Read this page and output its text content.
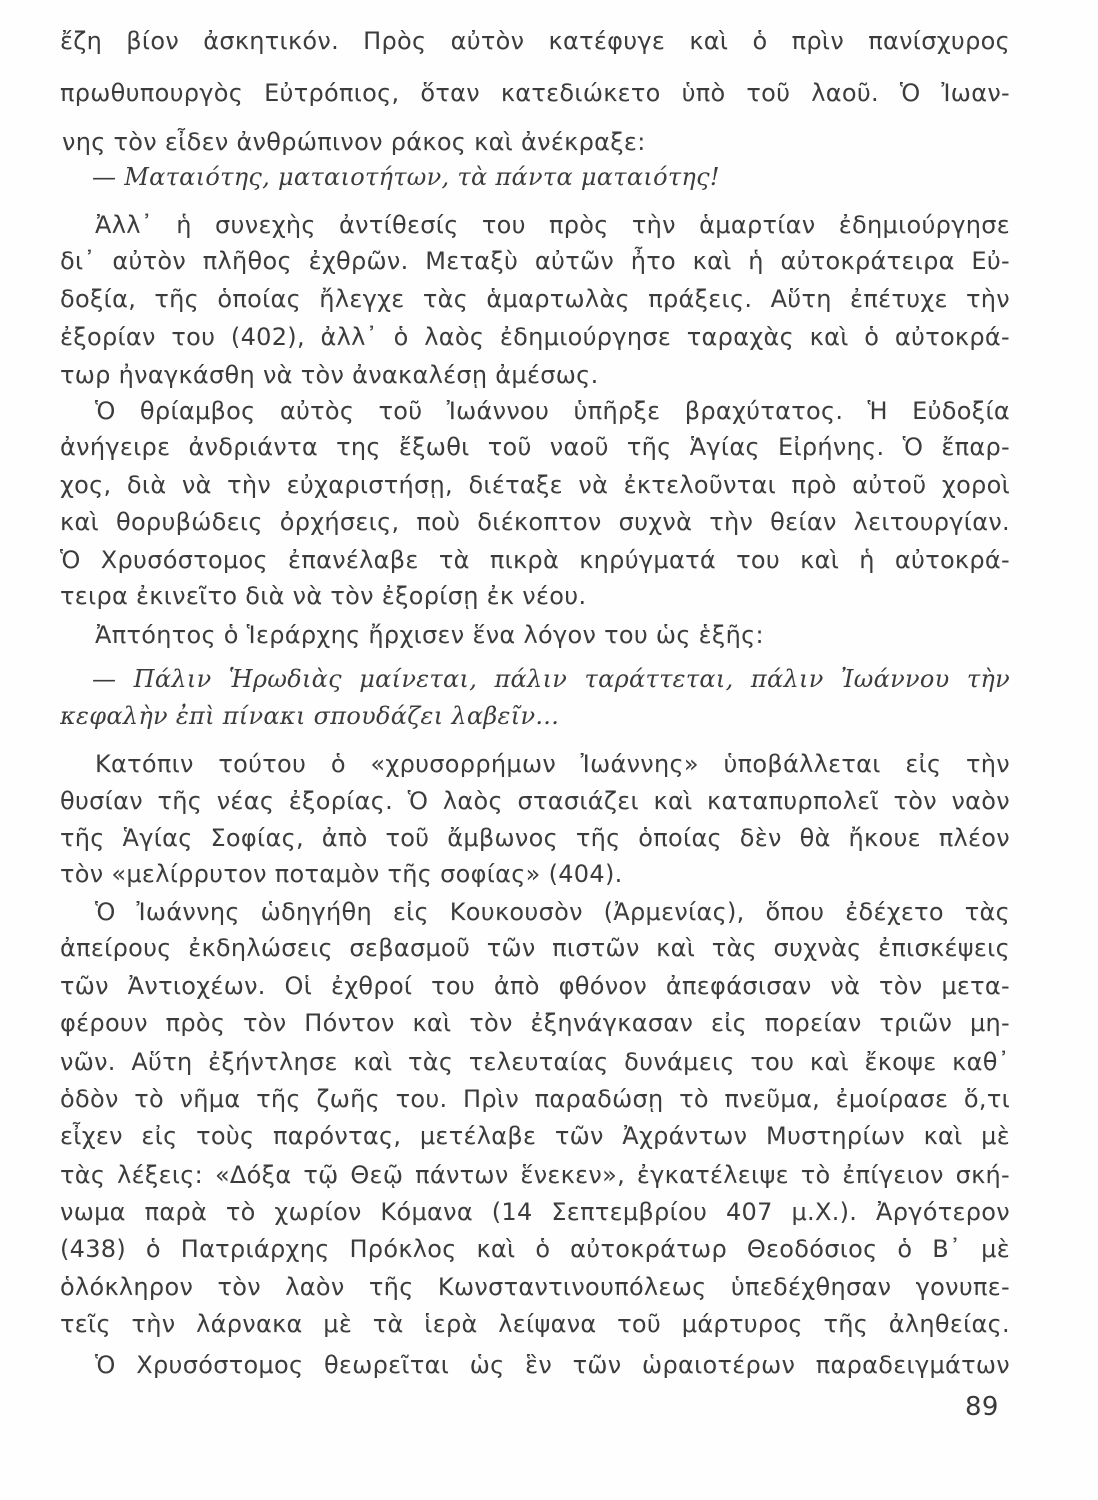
ἔζη βίον ἀσκητικόν. Πρὸς αὐτὸν κατέφυγε καὶ ὁ πρὶν πανίσχυρος
πρωθυπουργὸς Εὐτρόπιος, ὅταν κατεδιώκετο ὑπὸ τοῦ λαοῦ. Ὁ Ἰωαν-
νης τὸν εἶδεν ἀνθρώπινον ράκος καὶ ἀνέκραξε:
— Ματαιότης, ματαιοτήτων, τὰ πάντα ματαιότης!
Ἀλλ᾽ ἡ συνεχὴς ἀντίθεσίς του πρὸς τὴν ἁμαρτίαν ἐδημιούργησε
δι᾽ αὐτὸν πλῆθος ἐχθρῶν. Μεταξὺ αὐτῶν ἦτο καὶ ἡ αὐτοκράτειρα Εὐ-
δοξία, τῆς ὁποίας ἤλεγχε τὰς ἁμαρτωλὰς πράξεις. Αὕτη ἐπέτυχε τὴν
ἐξορίαν του (402), ἀλλ᾽ ὁ λαὸς ἐδημιούργησε ταραχὰς καὶ ὁ αὐτοκρά-
τωρ ἠναγκάσθη νὰ τὸν ἀνακαλέσῃ ἀμέσως.
Ὁ θρίαμβος αὐτὸς τοῦ Ἰωάννου ὑπῆρξε βραχύτατος. Ἡ Εὐδοξία
ἀνήγειρε ἀνδριάντα της ἔξωθι τοῦ ναοῦ τῆς Ἁγίας Εἰρήνης. Ὁ ἔπαρ-
χος, διὰ νὰ τὴν εὐχαριστήσῃ, διέταξε νὰ ἐκτελοῦνται πρὸ αὐτοῦ χοροὶ
καὶ θορυβώδεις ὀρχήσεις, ποὺ διέκοπτον συχνὰ τὴν θείαν λειτουργίαν.
Ὁ Χρυσόστομος ἐπανέλαβε τὰ πικρὰ κηρύγματά του καὶ ἡ αὐτοκρά-
τειρα ἐκινεῖτο διὰ νὰ τὸν ἐξορίσῃ ἐκ νέου.
Ἀπτόητος ὁ Ἱεράρχης ἤρχισεν ἕνα λόγον του ὡς ἑξῆς:
— Πάλιν Ἡρωδιὰς μαίνεται, πάλιν ταράττεται, πάλιν Ἰωάννου τὴν
κεφαλὴν ἐπὶ πίνακι σπουδάζει λαβεῖν...
Κατόπιν τούτου ὁ «χρυσορρήμων Ἰωάννης» ὑποβάλλεται εἰς τὴν
θυσίαν τῆς νέας ἐξορίας. Ὁ λαὸς στασιάζει καὶ καταπυρπολεῖ τὸν ναὸν
τῆς Ἁγίας Σοφίας, ἀπὸ τοῦ ἄμβωνος τῆς ὁποίας δὲν θὰ ἤκουε πλέον
τὸν «μελίρρυτον ποταμὸν τῆς σοφίας» (404).
Ὁ Ἰωάννης ὡδηγήθη εἰς Κουκουσὸν (Ἀρμενίας), ὅπου ἐδέχετο τὰς
ἀπείρους ἐκδηλώσεις σεβασμοῦ τῶν πιστῶν καὶ τὰς συχνὰς ἐπισκέψεις
τῶν Ἀντιοχέων. Οἱ ἐχθροί του ἀπὸ φθόνον ἀπεφάσισαν νὰ τὸν μετα-
φέρουν πρὸς τὸν Πόντον καὶ τὸν ἐξηνάγκασαν εἰς πορείαν τριῶν μη-
νῶν. Αὕτη ἐξήντλησε καὶ τὰς τελευταίας δυνάμεις του καὶ ἔκοψε καθ᾽
ὁδὸν τὸ νῆμα τῆς ζωῆς του. Πρὶν παραδώσῃ τὸ πνεῦμα, ἐμοίρασε ὅ,τι
εἶχεν εἰς τοὺς παρόντας, μετέλαβε τῶν Ἀχράντων Μυστηρίων καὶ μὲ
τὰς λέξεις: «Δόξα τῷ Θεῷ πάντων ἕνεκεν», ἐγκατέλειψε τὸ ἐπίγειον σκή-
νωμα παρὰ τὸ χωρίον Κόμανα (14 Σεπτεμβρίου 407 μ.Χ.). Ἀργότερον
(438) ὁ Πατριάρχης Πρόκλος καὶ ὁ αὐτοκράτωρ Θεοδόσιος ὁ Β᾽ μὲ
ὁλόκληρον τὸν λαὸν τῆς Κωνσταντινουπόλεως ὑπεδέχθησαν γονυπε-
τεῖς τὴν λάρνακα μὲ τὰ ἱερὰ λείψανα τοῦ μάρτυρος τῆς ἀληθείας.
Ὁ Χρυσόστομος θεωρεῖται ὡς ἓν τῶν ὡραιοτέρων παραδειγμάτων
89
